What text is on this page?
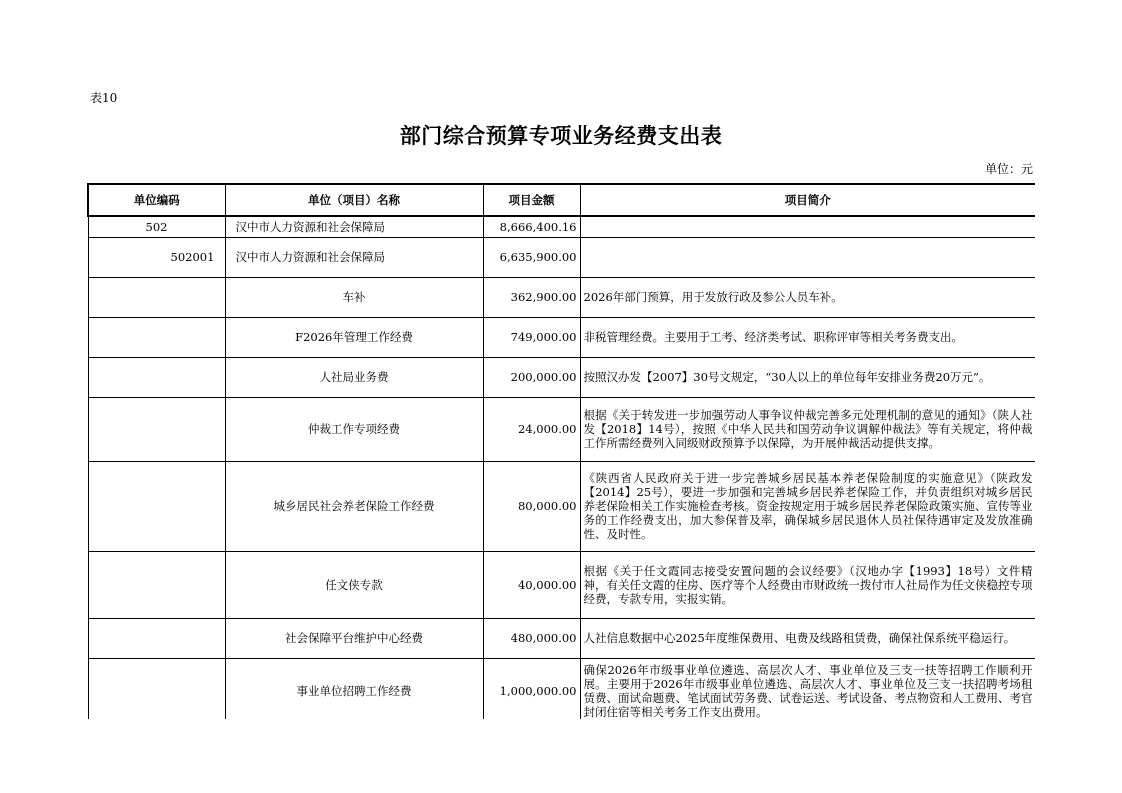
表10
部门综合预算专项业务经费支出表
单位：元
单位编码	单位（项目）名称	项目金额	项目简介
502	汉中市人力资源和社会保障局	8,666,400.16	
502001	汉中市人力资源和社会保障局	6,635,900.00	
	车补	362,900.00	2026年部门预算，用于发放行政及参公人员车补。
	F2026年管理工作经费	749,000.00	非税管理经费。主要用于工考、经济类考试、职称评审等相关考务费支出。
	人社局业务费	200,000.00	按照汉办发【2007】30号文规定，“30人以上的单位每年安排业务费20万元”。
	仲裁工作专项经费	24,000.00	根据《关于转发进一步加强劳动人事争议仲裁完善多元处理机制的意见的通知》（陕人社发【2018】14号），按照《中华人民共和国劳动争议调解仲裁法》等有关规定，将仲裁工作所需经费列入同级财政预算予以保障，为开展仲裁活动提供支撑。
	城乡居民社会养老保险工作经费	80,000.00	《陕西省人民政府关于进一步完善城乡居民基本养老保险制度的实施意见》（陕政发【2014】25号），要进一步加强和完善城乡居民养老保险工作，并负责组织对城乡居民养老保险相关工作实施检查考核。资金按规定用于城乡居民养老保险政策实施、宣传等业务的工作经费支出，加大参保普及率，确保城乡居民退休人员社保待遇审定及发放准确性、及时性。
	任文侠专款	40,000.00	根据《关于任文霞同志接受安置问题的会议经要》（汉地办字【1993】18号）文件精神，有关任文霞的住房、医疗等个人经费由市财政统一拨付市人社局作为任文侠稳控专项经费，专款专用，实报实销。
	社会保障平台维护中心经费	480,000.00	人社信息数据中心2025年度维保费用、电费及线路租赁费，确保社保系统平稳运行。
	事业单位招聘工作经费	1,000,000.00	确保2026年市级事业单位遴选、高层次人才、事业单位及三支一扶等招聘工作顺利开展。主要用于2026年市级事业单位遴选、高层次人才、事业单位及三支一扶招聘考场租赁费、面试命题费、笔试面试劳务费、试卷运送、考试设备、考点物资和人工费用、考官封闭住宿等相关考务工作支出费用。
